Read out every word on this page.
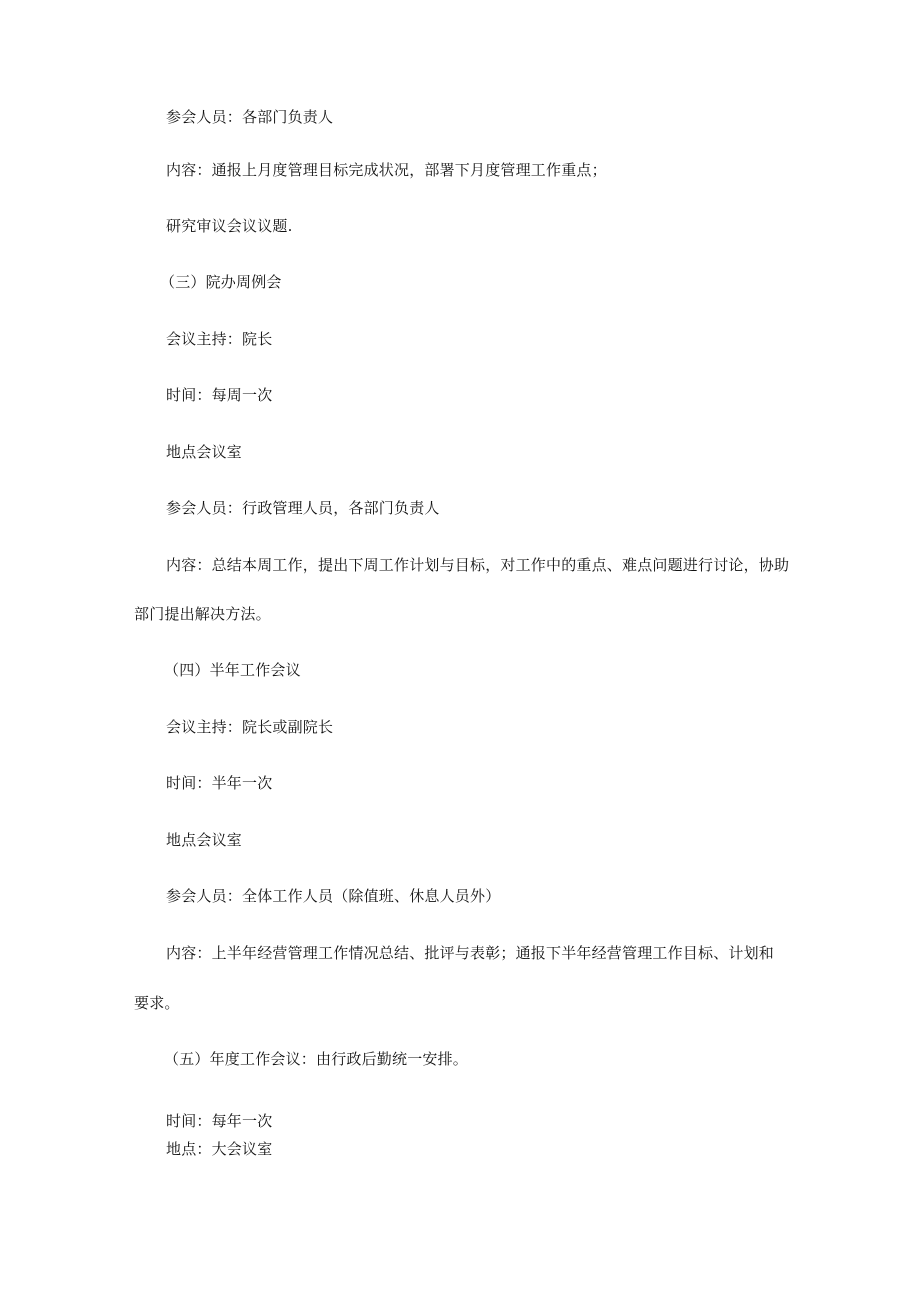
参会人员：各部门负责人
内容：通报上月度管理目标完成状况，部署下月度管理工作重点；
研究审议会议议题.
（三）院办周例会
会议主持：院长
时间：每周一次
地点会议室
参会人员：行政管理人员，各部门负责人
内容：总结本周工作，提出下周工作计划与目标，对工作中的重点、难点问题进行讨论，协助
部门提出解决方法。
（四）半年工作会议
会议主持：院长或副院长
时间：半年一次
地点会议室
参会人员：全体工作人员（除值班、休息人员外）
内容：上半年经营管理工作情况总结、批评与表彰；通报下半年经营管理工作目标、计划和
要求。
（五）年度工作会议：由行政后勤统一安排。
时间：每年一次
地点：大会议室
